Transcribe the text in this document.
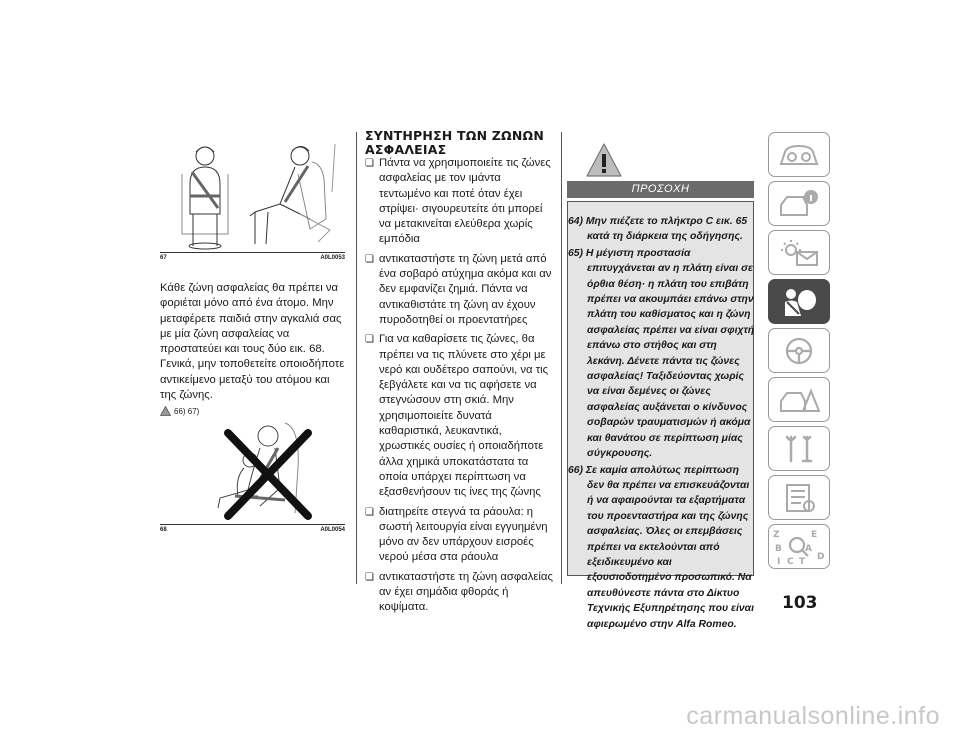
67	A0L0053
Κάθε ζώνη ασφαλείας θα πρέπει να φοριέται μόνο από ένα άτομο. Μην μεταφέρετε παιδιά στην αγκαλιά σας με μία ζώνη ασφαλείας να προστατεύει και τους δύο εικ. 68. Γενικά, μην τοποθετείτε οποιοδήποτε αντικείμενο μεταξύ του ατόμου και της ζώνης.
66) 67)
68	A0L0054
ΣΥΝΤΗΡΗΣΗ ΤΩΝ ΖΩΝΩΝ ΑΣΦΑΛΕΙΑΣ
❏ Πάντα να χρησιμοποιείτε τις ζώνες ασφαλείας με τον ιμάντα τεντωμένο και ποτέ όταν έχει στρίψει· σιγουρευτείτε ότι μπορεί να μετακινείται ελεύθερα χωρίς εμπόδια
❏ αντικαταστήστε τη ζώνη μετά από ένα σοβαρό ατύχημα ακόμα και αν δεν εμφανίζει ζημιά. Πάντα να αντικαθιστάτε τη ζώνη αν έχουν πυροδοτηθεί οι προεντατήρες
❏ Για να καθαρίσετε τις ζώνες, θα πρέπει να τις πλύνετε στο χέρι με νερό και ουδέτερο σαπούνι, να τις ξεβγάλετε και να τις αφήσετε να στεγνώσουν στη σκιά. Μην χρησιμοποιείτε δυνατά καθαριστικά, λευκαντικά, χρωστικές ουσίες ή οποιαδήποτε άλλα χημικά υποκατάστατα τα οποία υπάρχει περίπτωση να εξασθενήσουν τις ίνες της ζώνης
❏ διατηρείτε στεγνά τα ράουλα: η σωστή λειτουργία είναι εγγυημένη μόνο αν δεν υπάρχουν εισροές νερού μέσα στα ράουλα
❏ αντικαταστήστε τη ζώνη ασφαλείας αν έχει σημάδια φθοράς ή κοψίματα.
ΠΡΟΣΟΧΗ
64) Μην πιέζετε το πλήκτρο C εικ. 65 κατά τη διάρκεια της οδήγησης.
65) Η μέγιστη προστασία επιτυγχάνεται αν η πλάτη είναι σε όρθια θέση· η πλάτη του επιβάτη πρέπει να ακουμπάει επάνω στην πλάτη του καθίσματος και η ζώνη ασφαλείας πρέπει να είναι σφιχτή επάνω στο στήθος και στη λεκάνη. Δένετε πάντα τις ζώνες ασφαλείας! Ταξιδεύοντας χωρίς να είναι δεμένες οι ζώνες ασφαλείας αυξάνεται ο κίνδυνος σοβαρών τραυματισμών ή ακόμα και θανάτου σε περίπτωση μίας σύγκρουσης.
66) Σε καμία απολύτως περίπτωση δεν θα πρέπει να επισκευάζονται ή να αφαιρούνται τα εξαρτήματα του προενταστήρα και της ζώνης ασφαλείας. Όλες οι επεμβάσεις πρέπει να εκτελούνται από εξειδικευμένο και εξουσιοδοτημένο προσωπικό. Να απευθύνεστε πάντα στο Δίκτυο Τεχνικής Εξυπηρέτησης που είναι αφιερωμένο στην Alfa Romeo.
Z
B
E
A
I C T D
103
carmanualsonline.info
